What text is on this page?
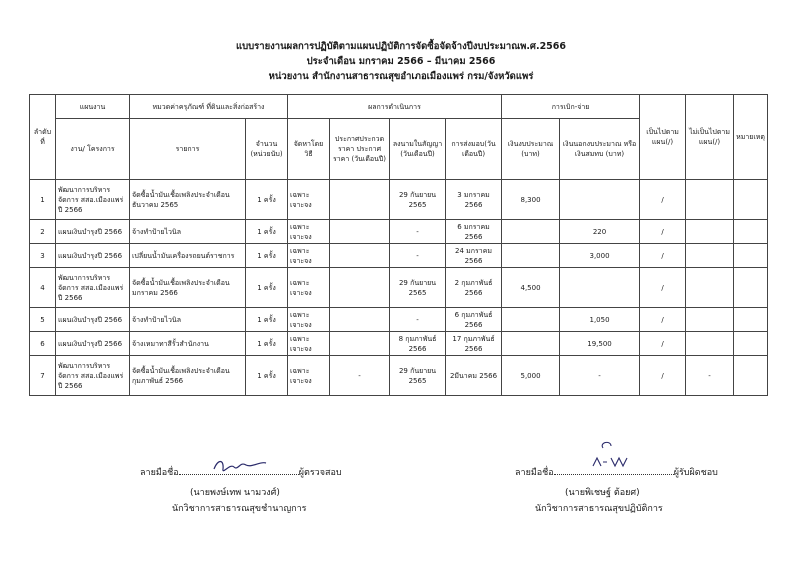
แบบรายงานผลการปฏิบัติตามแผนปฏิบัติการจัดซื้อจัดจ้างปีงบประมาณพ.ศ.2566
ประจำเดือน มกราคม 2566 – มีนาคม 2566
หน่วยงาน สำนักงานสาธารณสุขอำเภอเมืองแพร่ กรม/จังหวัดแพร่
ลำดับที่	แผนงาน	หมวดค่าครุภัณฑ์ ที่ดินและสิ่งก่อสร้าง		ผลการดำเนินการ				การเบิก-จ่าย		เป็นไปตามแผน(/)	ไม่เป็นไปตามแผน(/)	หมายเหตุ
	งาน/ โครงการ	รายการ	จำนวน (หน่วยนับ)	จัดหาโดยวิธี	ประกาศประกวดราคา ประกาศราคา (วันเดือนปี)	ลงนามในสัญญา (วันเดือนปี)	การส่งมอบ(วันเดือนปี)	เงินงบประมาณ (บาท)	เงินนอกงบประมาณ หรือเงินสมทบ (บาท)			
1	พัฒนาการบริหารจัดการ สสอ.เมืองแพร่ปี 2566	จัดซื้อน้ำมันเชื้อเพลิงประจำเดือนธันวาคม 2565	1 ครั้ง	เฉพาะเจาะจง		29 กันยายน 2565	3 มกราคม 2566	8,300		/		
2	แผนเงินบำรุงปี 2566	จ้างทำป้ายไวนิล	1 ครั้ง	เฉพาะเจาะจง		-	6 มกราคม 2566		220	/		
3	แผนเงินบำรุงปี 2566	เปลี่ยนน้ำมันเครื่องรถยนต์ราชการ	1 ครั้ง	เฉพาะเจาะจง		-	24 มกราคม 2566		3,000	/		
4	พัฒนาการบริหารจัดการ สสอ.เมืองแพร่ปี 2566	จัดซื้อน้ำมันเชื้อเพลิงประจำเดือนมกราคม 2566	1 ครั้ง	เฉพาะเจาะจง		29 กันยายน 2565	2 กุมภาพันธ์ 2566	4,500		/		
5	แผนเงินบำรุงปี 2566	จ้างทำป้ายไวนิล	1 ครั้ง	เฉพาะเจาะจง		-	6 กุมภาพันธ์ 2566		1,050	/		
6	แผนเงินบำรุงปี 2566	จ้างเหมาทาสีรั้วสำนักงาน	1 ครั้ง	เฉพาะเจาะจง		8 กุมภาพันธ์ 2566	17 กุมภาพันธ์ 2566		19,500	/		
7	พัฒนาการบริหารจัดการ สสอ.เมืองแพร่ปี 2566	จัดซื้อน้ำมันเชื้อเพลิงประจำเดือนกุมภาพันธ์ 2566	1 ครั้ง	เฉพาะเจาะจง	-	29 กันยายน 2565	2มีนาคม 2566	5,000	-	/	-	
ลายมือชื่อ	ผู้ตรวจสอบ
(นายพงษ์เทพ นามวงศ์)
นักวิชาการสาธารณสุขชำนาญการ
ลายมือชื่อ	ผู้รับผิดชอบ
(นายพิเชษฐ์ ต้อยศ)
นักวิชาการสาธารณสุขปฏิบัติการ
